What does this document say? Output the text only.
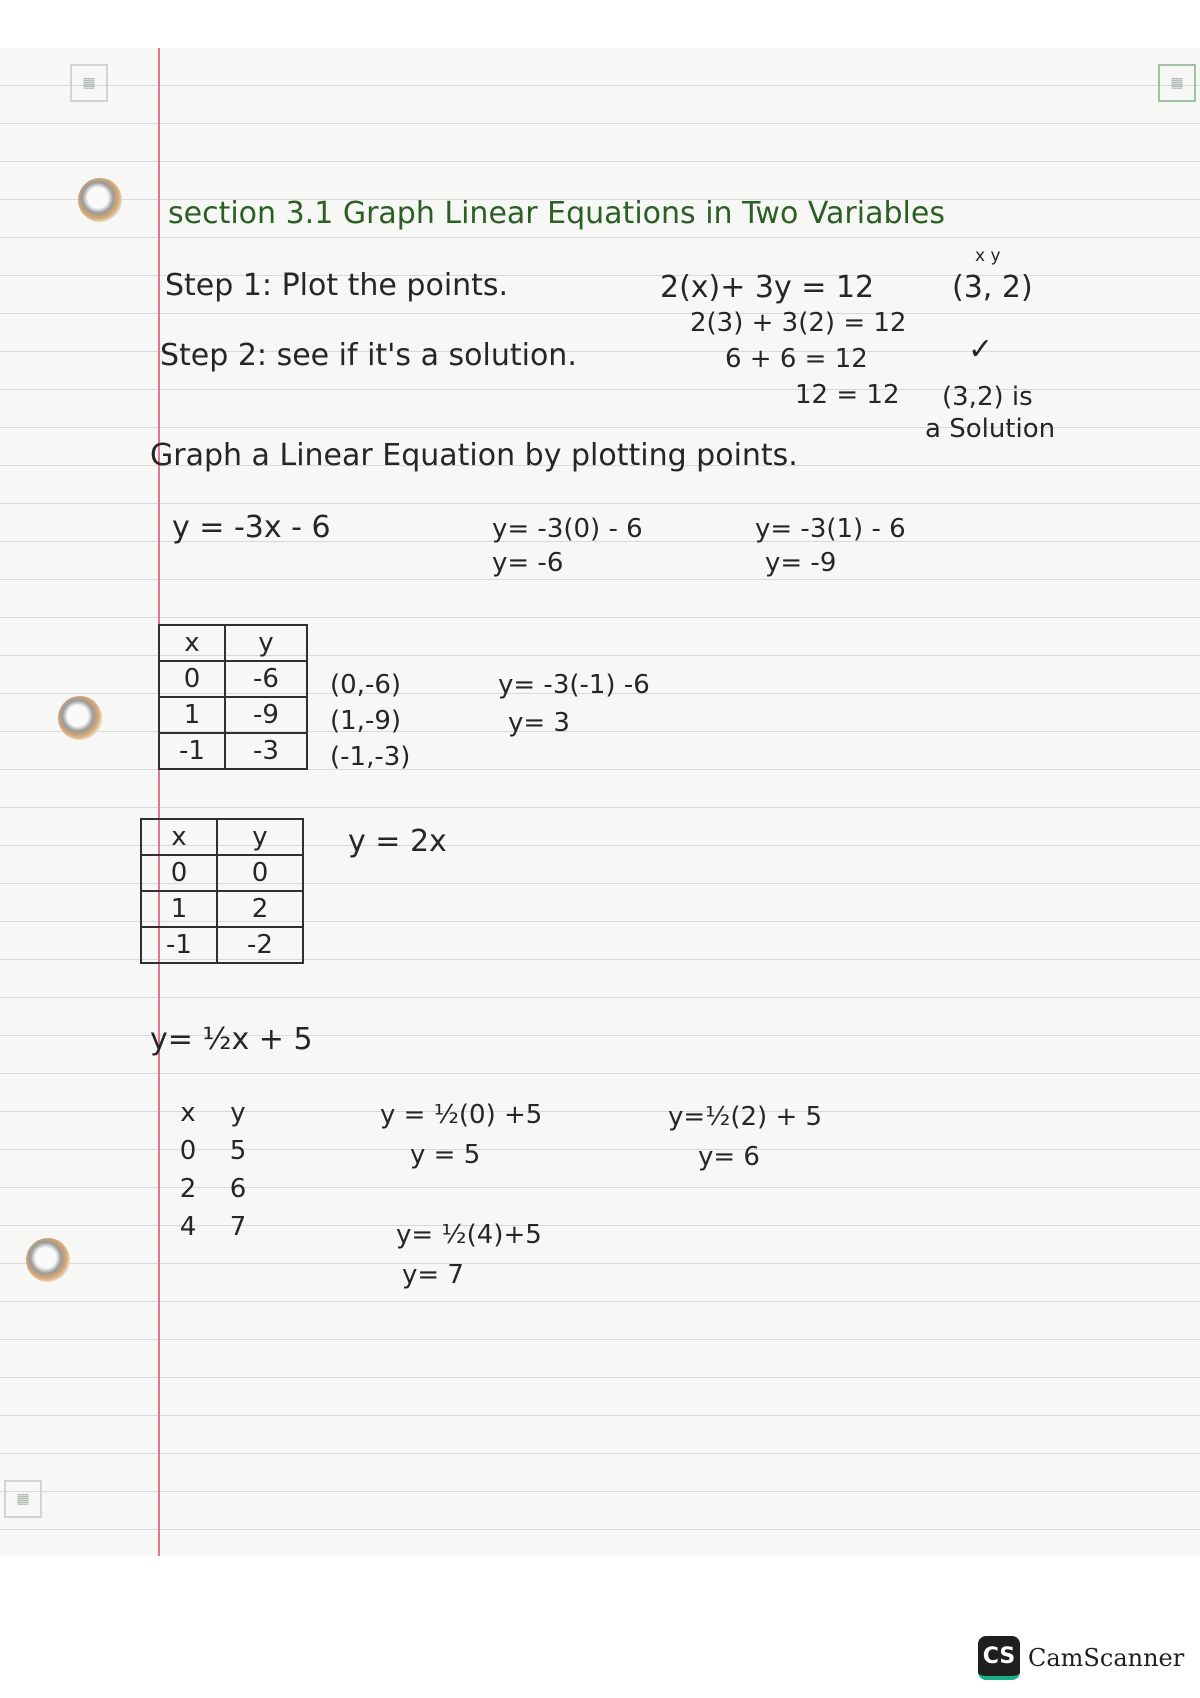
▦	▦
▦
section 3.1 Graph Linear Equations in Two Variables
Step 1: Plot the points.
Step 2: see if it's a solution.
x y
2(x)+ 3y = 12	(3, 2)
2(3) + 3(2) = 12
6 + 6 = 12	✓
12 = 12 (3,2) is
a Solution
Graph a Linear Equation by plotting points.
y = -3x - 6	y= -3(0) - 6
y= -6
y= -3(1) - 6
y= -9
x	y
0	-6
1	-9
-1	-3
(0,-6)
(1,-9)
(-1,-3)
y= -3(-1) -6
y= 3
x	y
0	0
1	2
-1	-2
y = 2x
y= ½x + 5
x	y
0	5
2	6
4	7
y = ½(0) +5
y = 5
y=½(2) + 5
y= 6
y= ½(4)+5
y= 7
CS CamScanner
